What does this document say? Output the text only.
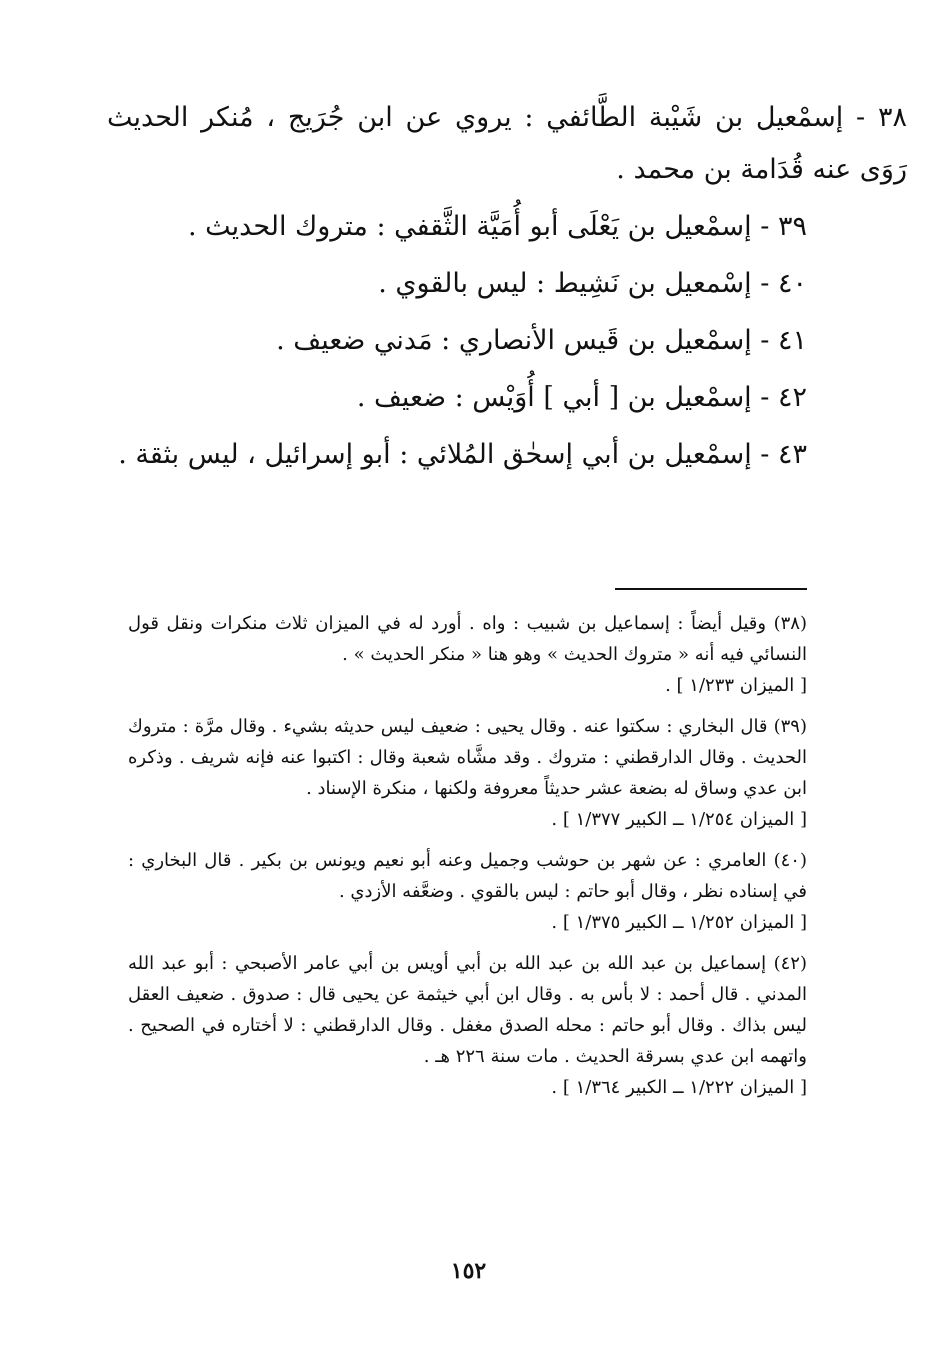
٣٨ - إسمْعيل بن شَيْبة الطَّائفي : يروي عن ابن جُرَيج ، مُنكر الحديث رَوَى عنه قُدَامة بن محمد .

٣٩ - إسمْعيل بن يَعْلَى أبو أُمَيَّة الثَّقفي : متروك الحديث .

٤٠ - إسْمعيل بن نَشِيط : ليس بالقوي .

٤١ - إسمْعيل بن قَيس الأنصاري : مَدني ضعيف .

٤٢ - إسمْعيل بن [ أبي ] أُوَيْس : ضعيف .

٤٣ - إسمْعيل بن أبي إسحٰق المُلائي : أبو إسرائيل ، ليس بثقة .

(٣٨) وقيل أيضاً : إسماعيل بن شبيب : واه . أورد له في الميزان ثلاث منكرات ونقل قول النسائي فيه أنه « متروك الحديث » وهو هنا « منكر الحديث » .
[ الميزان ١/٢٣٣ ] .
(٣٩) قال البخاري : سكتوا عنه . وقال يحيى : ضعيف ليس حديثه بشيء . وقال مرَّة : متروك الحديث . وقال الدارقطني : متروك . وقد مشَّاه شعبة وقال : اكتبوا عنه فإنه شريف . وذكره ابن عدي وساق له بضعة عشر حديثاً معروفة ولكنها ، منكرة الإسناد .
[ الميزان ١/٢٥٤ ــ الكبير ١/٣٧٧ ] .
(٤٠) العامري : عن شهر بن حوشب وجميل وعنه أبو نعيم ويونس بن بكير . قال البخاري : في إسناده نظر ، وقال أبو حاتم : ليس بالقوي . وضعَّفه الأزدي .
[ الميزان ١/٢٥٢ ــ الكبير ١/٣٧٥ ] .
(٤٢) إسماعيل بن عبد الله بن عبد الله بن أبي أويس بن أبي عامر الأصبحي : أبو عبد الله المدني . قال أحمد : لا بأس به . وقال ابن أبي خيثمة عن يحيى قال : صدوق . ضعيف العقل ليس بذاك . وقال أبو حاتم : محله الصدق مغفل . وقال الدارقطني : لا أختاره في الصحيح . واتهمه ابن عدي بسرقة الحديث . مات سنة ٢٢٦ هـ .
[ الميزان ١/٢٢٢ ــ الكبير ١/٣٦٤ ] .
١٥٢
